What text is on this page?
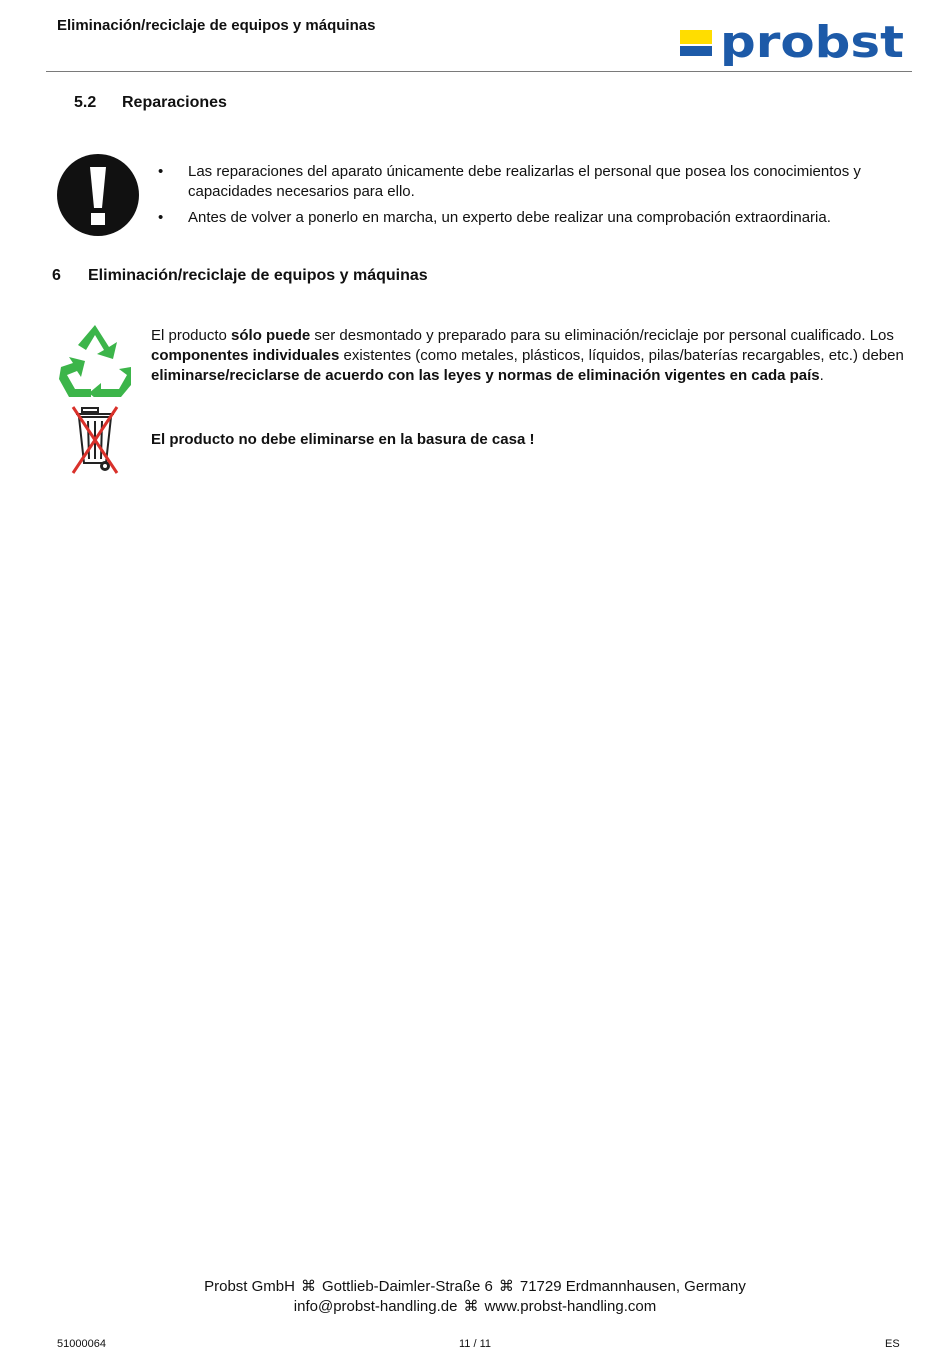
Eliminación/reciclaje de equipos y máquinas	probst
5.2 Reparaciones
• Las reparaciones del aparato únicamente debe realizarlas el personal que posea los conocimientos y capacidades necesarios para ello.
• Antes de volver a ponerlo en marcha, un experto debe realizar una comprobación extraordinaria.
6 Eliminación/reciclaje de equipos y máquinas
El producto sólo puede ser desmontado y preparado para su eliminación/reciclaje por personal cualificado. Los componentes individuales existentes (como metales, plásticos, líquidos, pilas/baterías recargables, etc.) deben eliminarse/reciclarse de acuerdo con las leyes y normas de eliminación vigentes en cada país.
El producto no debe eliminarse en la basura de casa !
Probst GmbH ⌘ Gottlieb-Daimler-Straße 6 ⌘ 71729 Erdmannhausen, Germany
info@probst-handling.de ⌘ www.probst-handling.com
51000064	11 / 11	ES
